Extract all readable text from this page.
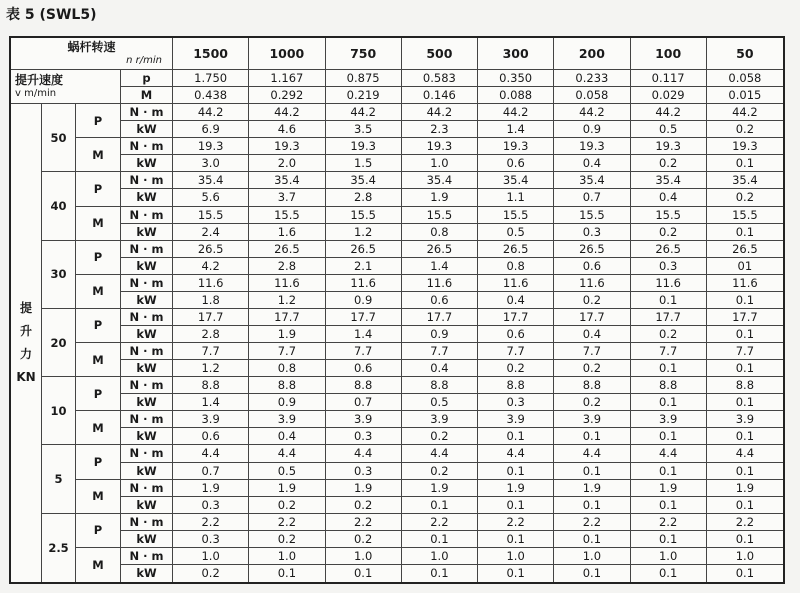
表 5 (SWL5)
蜗杆转速
n r/min	1500	1000	750	500	300	200	100	50
提升速度
v m/min
p	1.750	1.167	0.875	0.583	0.350	0.233	0.117	0.058
M	0.438	0.292	0.219	0.146	0.088	0.058	0.029	0.015
提
升
力
KN
50
P
N · m	44.2	44.2	44.2	44.2	44.2	44.2	44.2	44.2
kW	6.9	4.6	3.5	2.3	1.4	0.9	0.5	0.2
M
N · m	19.3	19.3	19.3	19.3	19.3	19.3	19.3	19.3
kW	3.0	2.0	1.5	1.0	0.6	0.4	0.2	0.1
40
P
N · m	35.4	35.4	35.4	35.4	35.4	35.4	35.4	35.4
kW	5.6	3.7	2.8	1.9	1.1	0.7	0.4	0.2
M
N · m	15.5	15.5	15.5	15.5	15.5	15.5	15.5	15.5
kW	2.4	1.6	1.2	0.8	0.5	0.3	0.2	0.1
30
P
N · m	26.5	26.5	26.5	26.5	26.5	26.5	26.5	26.5
kW	4.2	2.8	2.1	1.4	0.8	0.6	0.3	01
M
N · m	11.6	11.6	11.6	11.6	11.6	11.6	11.6	11.6
kW	1.8	1.2	0.9	0.6	0.4	0.2	0.1	0.1
20
P
N · m	17.7	17.7	17.7	17.7	17.7	17.7	17.7	17.7
kW	2.8	1.9	1.4	0.9	0.6	0.4	0.2	0.1
M
N · m	7.7	7.7	7.7	7.7	7.7	7.7	7.7	7.7
kW	1.2	0.8	0.6	0.4	0.2	0.2	0.1	0.1
10
P
N · m	8.8	8.8	8.8	8.8	8.8	8.8	8.8	8.8
kW	1.4	0.9	0.7	0.5	0.3	0.2	0.1	0.1
M
N · m	3.9	3.9	3.9	3.9	3.9	3.9	3.9	3.9
kW	0.6	0.4	0.3	0.2	0.1	0.1	0.1	0.1
5
P
N · m	4.4	4.4	4.4	4.4	4.4	4.4	4.4	4.4
kW	0.7	0.5	0.3	0.2	0.1	0.1	0.1	0.1
M
N · m	1.9	1.9	1.9	1.9	1.9	1.9	1.9	1.9
kW	0.3	0.2	0.2	0.1	0.1	0.1	0.1	0.1
2.5
P
N · m	2.2	2.2	2.2	2.2	2.2	2.2	2.2	2.2
kW	0.3	0.2	0.2	0.1	0.1	0.1	0.1	0.1
M
N · m	1.0	1.0	1.0	1.0	1.0	1.0	1.0	1.0
kW	0.2	0.1	0.1	0.1	0.1	0.1	0.1	0.1
